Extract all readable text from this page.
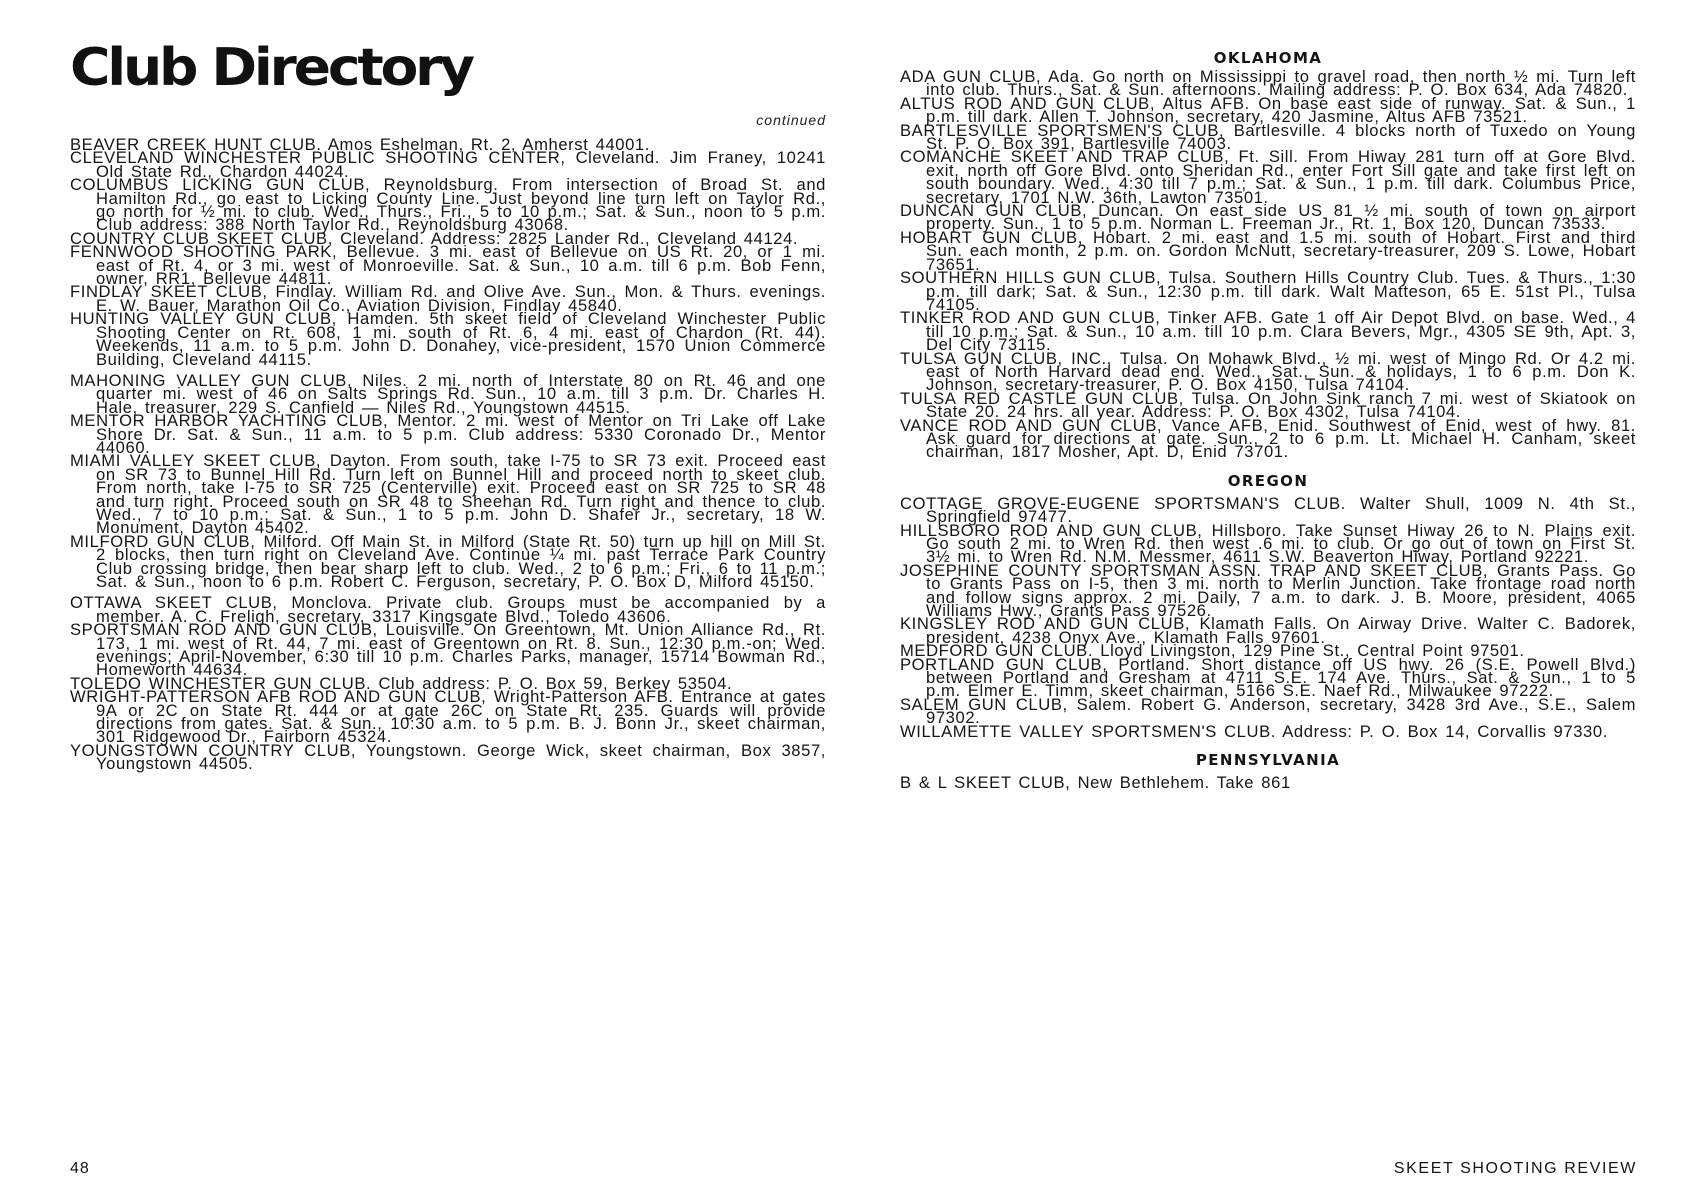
Club Directory
continued

BEAVER CREEK HUNT CLUB. Amos Eshelman, Rt. 2, Amherst 44001.

CLEVELAND WINCHESTER PUBLIC SHOOTING CENTER, Cleveland. Jim Franey, 10241 Old State Rd., Chardon 44024.

COLUMBUS LICKING GUN CLUB, Reynoldsburg. From intersection of Broad St. and Hamilton Rd., go east to Licking County Line. Just beyond line turn left on Taylor Rd., go north for ½ mi. to club. Wed., Thurs., Fri., 5 to 10 p.m.; Sat. & Sun., noon to 5 p.m. Club address: 388 North Taylor Rd., Reynoldsburg 43068.

COUNTRY CLUB SKEET CLUB, Cleveland. Address: 2825 Lander Rd., Cleveland 44124.

FENNWOOD SHOOTING PARK, Bellevue. 3 mi. east of Bellevue on US Rt. 20, or 1 mi. east of Rt. 4, or 3 mi. west of Monroeville. Sat. & Sun., 10 a.m. till 6 p.m. Bob Fenn, owner, RR1, Bellevue 44811.

FINDLAY SKEET CLUB, Findlay. William Rd. and Olive Ave. Sun., Mon. & Thurs. evenings. E. W. Bauer, Marathon Oil Co., Aviation Division, Findlay 45840.

HUNTING VALLEY GUN CLUB, Hamden. 5th skeet field of Cleveland Winchester Public Shooting Center on Rt. 608, 1 mi. south of Rt. 6, 4 mi. east of Chardon (Rt. 44). Weekends, 11 a.m. to 5 p.m. John D. Donahey, vice-president, 1570 Union Commerce Building, Cleveland 44115.

MAHONING VALLEY GUN CLUB, Niles. 2 mi. north of Interstate 80 on Rt. 46 and one quarter mi. west of 46 on Salts Springs Rd. Sun., 10 a.m. till 3 p.m. Dr. Charles H. Hale, treasurer, 229 S. Canfield — Niles Rd., Youngstown 44515.

MENTOR HARBOR YACHTING CLUB, Mentor. 2 mi. west of Mentor on Tri Lake off Lake Shore Dr. Sat. & Sun., 11 a.m. to 5 p.m. Club address: 5330 Coronado Dr., Mentor 44060.

MIAMI VALLEY SKEET CLUB, Dayton. From south, take I-75 to SR 73 exit. Proceed east on SR 73 to Bunnel Hill Rd. Turn left on Bunnel Hill and proceed north to skeet club. From north, take I-75 to SR 725 (Centerville) exit. Proceed east on SR 725 to SR 48 and turn right. Proceed south on SR 48 to Sheehan Rd. Turn right and thence to club. Wed., 7 to 10 p.m.; Sat. & Sun., 1 to 5 p.m. John D. Shafer Jr., secretary, 18 W. Monument, Dayton 45402.

MILFORD GUN CLUB, Milford. Off Main St. in Milford (State Rt. 50) turn up hill on Mill St. 2 blocks, then turn right on Cleveland Ave. Continue ¼ mi. past Terrace Park Country Club crossing bridge, then bear sharp left to club. Wed., 2 to 6 p.m.; Fri., 6 to 11 p.m.; Sat. & Sun., noon to 6 p.m. Robert C. Ferguson, secretary, P. O. Box D, Milford 45150.

OTTAWA SKEET CLUB, Monclova. Private club. Groups must be accompanied by a member. A. C. Freligh, secretary, 3317 Kingsgate Blvd., Toledo 43606.

SPORTSMAN ROD AND GUN CLUB, Louisville. On Greentown, Mt. Union Alliance Rd., Rt. 173, 1 mi. west of Rt. 44, 7 mi. east of Greentown on Rt. 8. Sun., 12:30 p.m.-on; Wed. evenings; April-November, 6:30 till 10 p.m. Charles Parks, manager, 15714 Bowman Rd., Homeworth 44634.

TOLEDO WINCHESTER GUN CLUB. Club address: P. O. Box 59, Berkey 53504.

WRIGHT-PATTERSON AFB ROD AND GUN CLUB, Wright-Patterson AFB. Entrance at gates 9A or 2C on State Rt. 444 or at gate 26C on State Rt. 235. Guards will provide directions from gates. Sat. & Sun., 10:30 a.m. to 5 p.m. B. J. Bonn Jr., skeet chairman, 301 Ridgewood Dr., Fairborn 45324.

YOUNGSTOWN COUNTRY CLUB, Youngstown. George Wick, skeet chairman, Box 3857, Youngstown 44505.

OKLAHOMA

ADA GUN CLUB, Ada. Go north on Mississippi to gravel road, then north ½ mi. Turn left into club. Thurs., Sat. & Sun. afternoons. Mailing address: P. O. Box 634, Ada 74820.

ALTUS ROD AND GUN CLUB, Altus AFB. On base east side of runway. Sat. & Sun., 1 p.m. till dark. Allen T. Johnson, secretary, 420 Jasmine, Altus AFB 73521.

BARTLESVILLE SPORTSMEN'S CLUB, Bartlesville. 4 blocks north of Tuxedo on Young St. P. O. Box 391, Bartlesville 74003.

COMANCHE SKEET AND TRAP CLUB, Ft. Sill. From Hiway 281 turn off at Gore Blvd. exit, north off Gore Blvd. onto Sheridan Rd., enter Fort Sill gate and take first left on south boundary. Wed., 4:30 till 7 p.m.; Sat. & Sun., 1 p.m. till dark. Columbus Price, secretary, 1701 N.W. 36th, Lawton 73501.

DUNCAN GUN CLUB, Duncan. On east side US 81 ½ mi. south of town on airport property. Sun., 1 to 5 p.m. Norman L. Freeman Jr., Rt. 1, Box 120, Duncan 73533.

HOBART GUN CLUB, Hobart. 2 mi. east and 1.5 mi. south of Hobart. First and third Sun. each month, 2 p.m. on. Gordon McNutt, secretary-treasurer, 209 S. Lowe, Hobart 73651.

SOUTHERN HILLS GUN CLUB, Tulsa. Southern Hills Country Club. Tues. & Thurs., 1:30 p.m. till dark; Sat. & Sun., 12:30 p.m. till dark. Walt Matteson, 65 E. 51st Pl., Tulsa 74105.

TINKER ROD AND GUN CLUB, Tinker AFB. Gate 1 off Air Depot Blvd. on base. Wed., 4 till 10 p.m.; Sat. & Sun., 10 a.m. till 10 p.m. Clara Bevers, Mgr., 4305 SE 9th, Apt. 3, Del City 73115.

TULSA GUN CLUB, INC., Tulsa. On Mohawk Blvd., ½ mi. west of Mingo Rd. Or 4.2 mi. east of North Harvard dead end. Wed., Sat., Sun. & holidays, 1 to 6 p.m. Don K. Johnson, secretary-treasurer, P. O. Box 4150, Tulsa 74104.

TULSA RED CASTLE GUN CLUB, Tulsa. On John Sink ranch 7 mi. west of Skiatook on State 20. 24 hrs. all year. Address: P. O. Box 4302, Tulsa 74104.

VANCE ROD AND GUN CLUB, Vance AFB, Enid. Southwest of Enid, west of hwy. 81. Ask guard for directions at gate. Sun., 2 to 6 p.m. Lt. Michael H. Canham, skeet chairman, 1817 Mosher, Apt. D, Enid 73701.

OREGON

COTTAGE GROVE-EUGENE SPORTSMAN'S CLUB. Walter Shull, 1009 N. 4th St., Springfield 97477.

HILLSBORO ROD AND GUN CLUB, Hillsboro. Take Sunset Hiway 26 to N. Plains exit. Go south 2 mi. to Wren Rd. then west .6 mi. to club. Or go out of town on First St. 3½ mi. to Wren Rd. N.M. Messmer, 4611 S.W. Beaverton Hiway, Portland 92221.

JOSEPHINE COUNTY SPORTSMAN ASSN. TRAP AND SKEET CLUB, Grants Pass. Go to Grants Pass on I-5, then 3 mi. north to Merlin Junction. Take frontage road north and follow signs approx. 2 mi. Daily, 7 a.m. to dark. J. B. Moore, president, 4065 Williams Hwy., Grants Pass 97526.

KINGSLEY ROD AND GUN CLUB, Klamath Falls. On Airway Drive. Walter C. Badorek, president, 4238 Onyx Ave., Klamath Falls 97601.

MEDFORD GUN CLUB. Lloyd Livingston, 129 Pine St., Central Point 97501.

PORTLAND GUN CLUB, Portland. Short distance off US hwy. 26 (S.E. Powell Blvd.) between Portland and Gresham at 4711 S.E. 174 Ave. Thurs., Sat. & Sun., 1 to 5 p.m. Elmer E. Timm, skeet chairman, 5166 S.E. Naef Rd., Milwaukee 97222.

SALEM GUN CLUB, Salem. Robert G. Anderson, secretary, 3428 3rd Ave., S.E., Salem 97302.

WILLAMETTE VALLEY SPORTSMEN'S CLUB. Address: P. O. Box 14, Corvallis 97330.

PENNSYLVANIA

B & L SKEET CLUB, New Bethlehem. Take 861

48	SKEET SHOOTING REVIEW
